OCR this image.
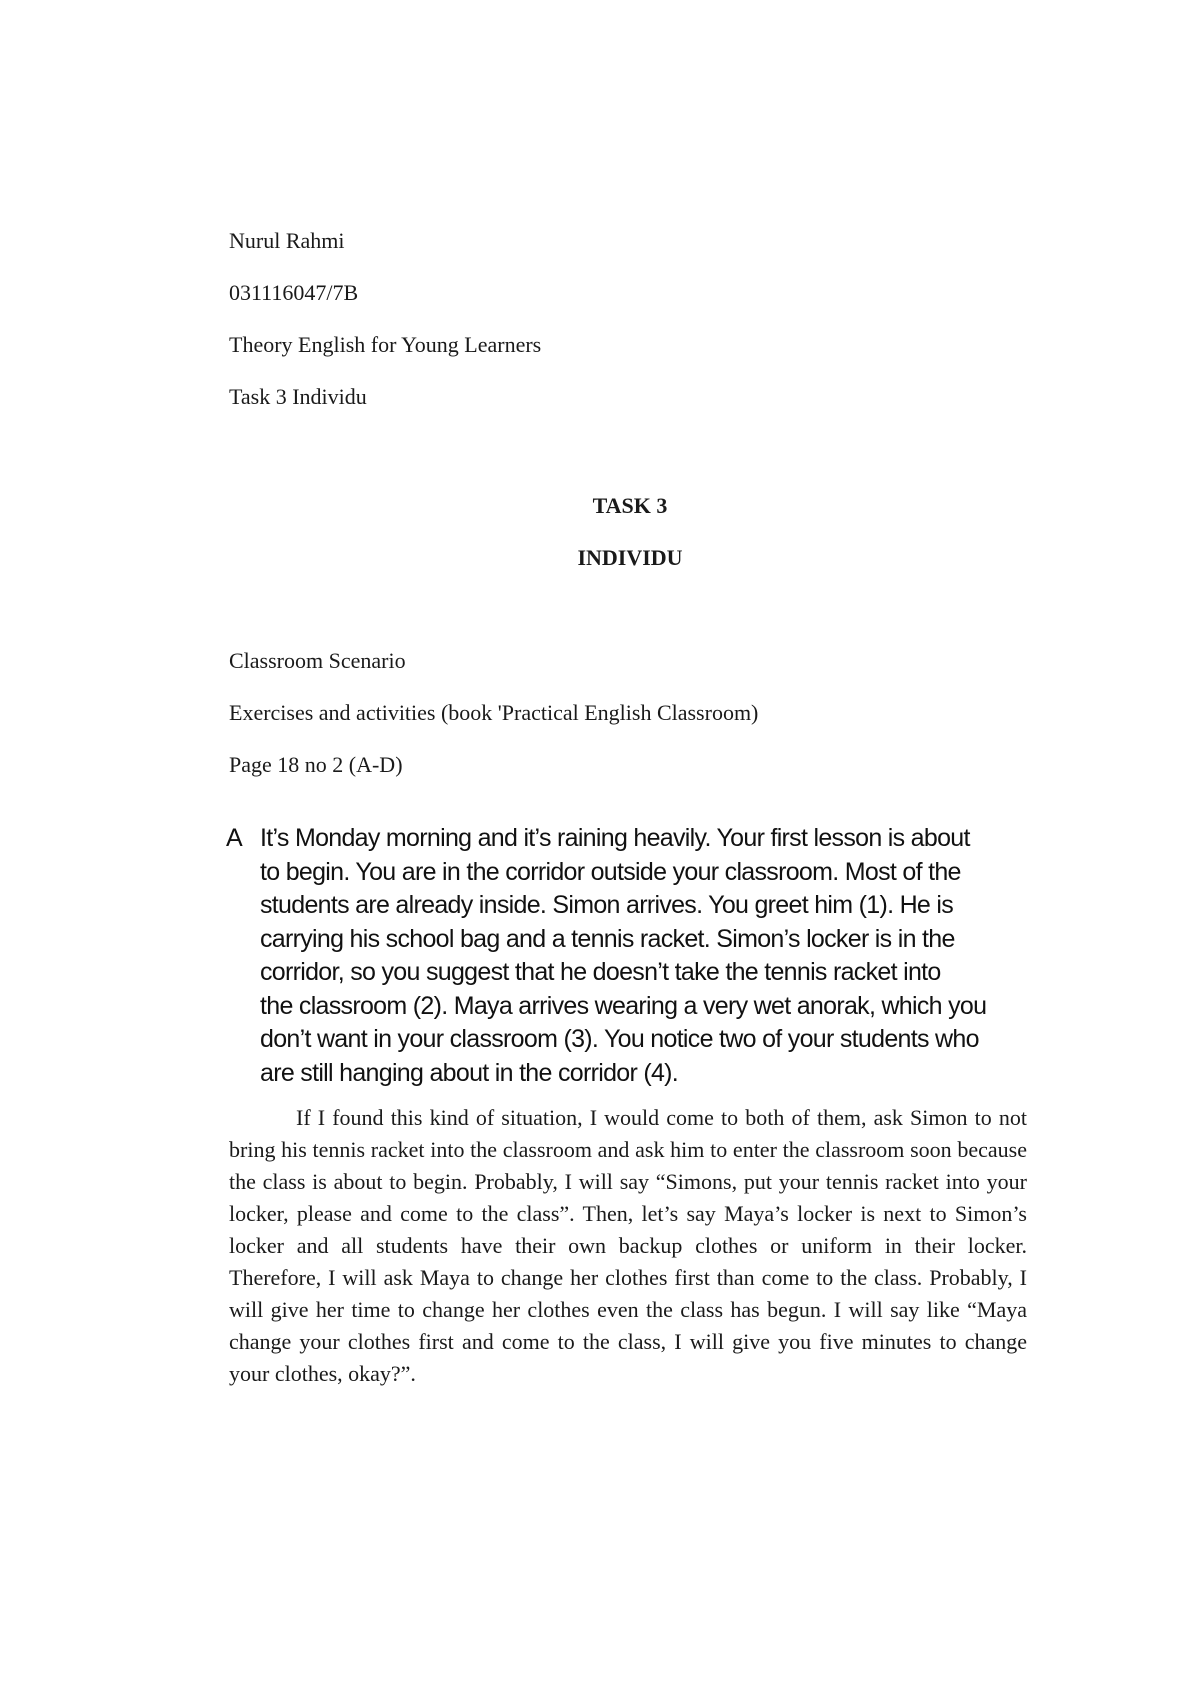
Nurul Rahmi
031116047/7B
Theory English for Young Learners
Task 3 Individu
TASK 3
INDIVIDU
Classroom Scenario
Exercises and activities (book 'Practical English Classroom)
Page 18 no 2 (A-D)
A It’s Monday morning and it’s raining heavily. Your first lesson is about
to begin. You are in the corridor outside your classroom. Most of the
students are already inside. Simon arrives. You greet him (1). He is
carrying his school bag and a tennis racket. Simon’s locker is in the
corridor, so you suggest that he doesn’t take the tennis racket into
the classroom (2). Maya arrives wearing a very wet anorak, which you
don’t want in your classroom (3). You notice two of your students who
are still hanging about in the corridor (4).

If I found this kind of situation, I would come to both of them, ask Simon to not bring his tennis racket into the classroom and ask him to enter the classroom soon because the class is about to begin. Probably, I will say “Simons, put your tennis racket into your locker, please and come to the class”. Then, let’s say Maya’s locker is next to Simon’s locker and all students have their own backup clothes or uniform in their locker. Therefore, I will ask Maya to change her clothes first than come to the class. Probably, I will give her time to change her clothes even the class has begun. I will say like “Maya change your clothes first and come to the class, I will give you five minutes to change your clothes, okay?”.
